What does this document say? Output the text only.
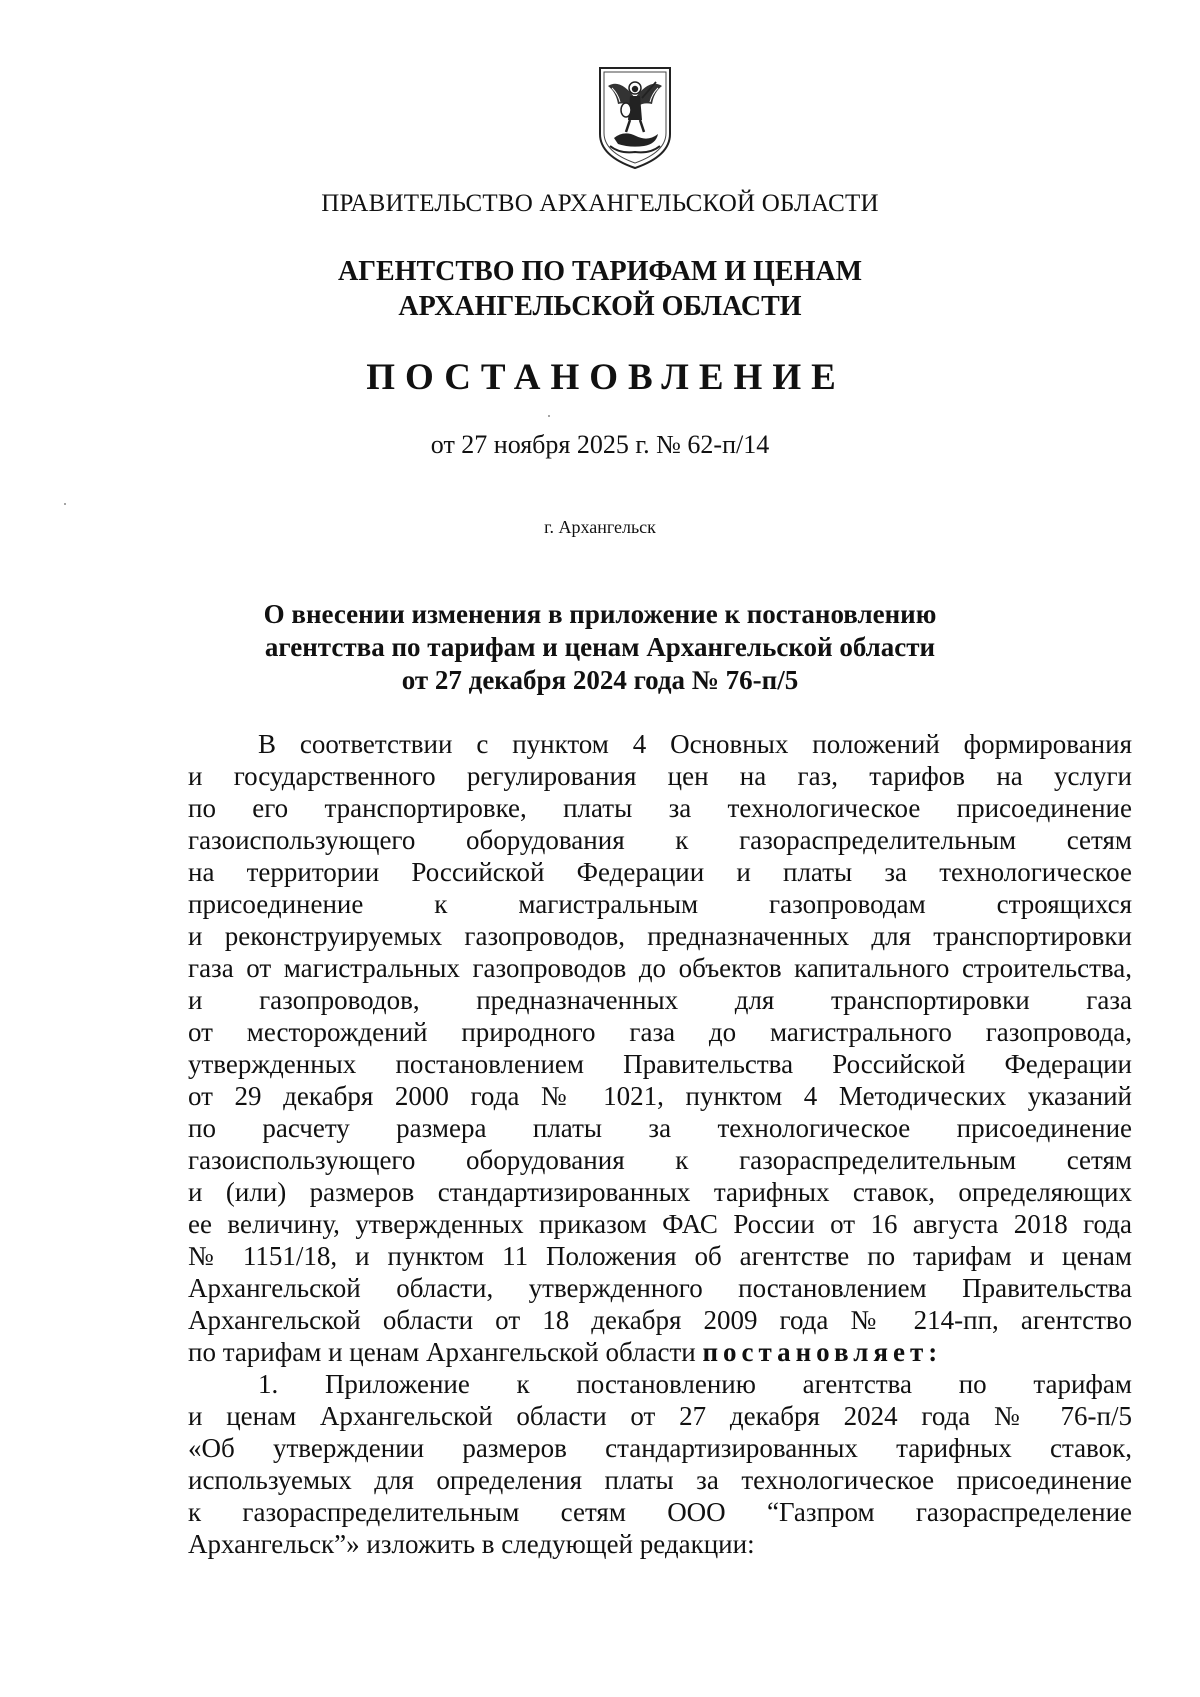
ПРАВИТЕЛЬСТВО АРХАНГЕЛЬСКОЙ ОБЛАСТИ

АГЕНТСТВО ПО ТАРИФАМ И ЦЕНАМ
АРХАНГЕЛЬСКОЙ ОБЛАСТИ

ПОСТАНОВЛЕНИЕ

от 27 ноября 2025 г. № 62-п/14

г. Архангельск

О внесении изменения в приложение к постановлению
агентства по тарифам и ценам Архангельской области
от 27 декабря 2024 года № 76-п/5

В соответствии с пунктом 4 Основных положений формирования

и государственного регулирования цен на газ, тарифов на услуги

по его транспортировке, платы за технологическое присоединение

газоиспользующего оборудования к газораспределительным сетям

на территории Российской Федерации и платы за технологическое

присоединение к магистральным газопроводам строящихся

и реконструируемых газопроводов, предназначенных для транспортировки

газа от магистральных газопроводов до объектов капитального строительства,

и газопроводов, предназначенных для транспортировки газа

от месторождений природного газа до магистрального газопровода,

утвержденных постановлением Правительства Российской Федерации

от 29 декабря 2000 года № 1021, пунктом 4 Методических указаний

по расчету размера платы за технологическое присоединение

газоиспользующего оборудования к газораспределительным сетям

и (или) размеров стандартизированных тарифных ставок, определяющих

ее величину, утвержденных приказом ФАС России от 16 августа 2018 года

№ 1151/18, и пунктом 11 Положения об агентстве по тарифам и ценам

Архангельской области, утвержденного постановлением Правительства

Архангельской области от 18 декабря 2009 года № 214-пп, агентство

по тарифам и ценам Архангельской области постановляет:

1. Приложение к постановлению агентства по тарифам

и ценам Архангельской области от 27 декабря 2024 года № 76-п/5

«Об утверждении размеров стандартизированных тарифных ставок,

используемых для определения платы за технологическое присоединение

к газораспределительным сетям ООО “Газпром газораспределение

Архангельск”» изложить в следующей редакции:
